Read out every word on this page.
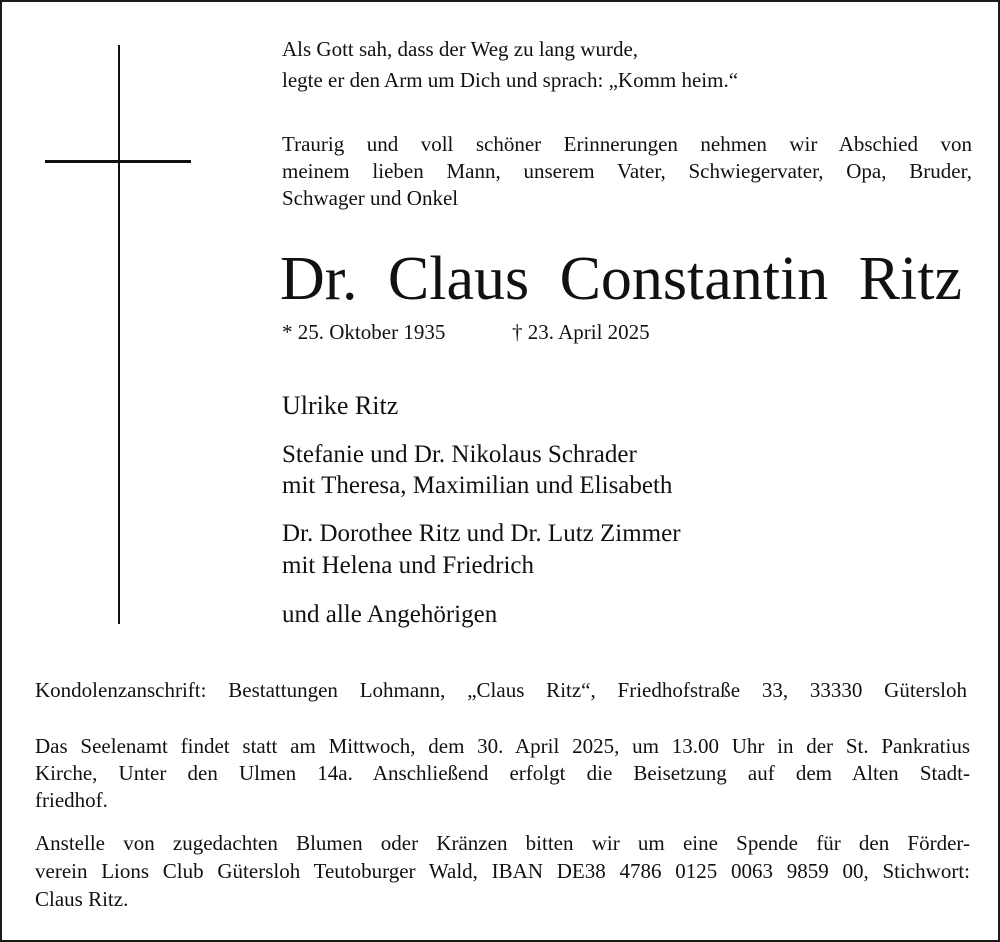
Als Gott sah, dass der Weg zu lang wurde,
legte er den Arm um Dich und sprach: „Komm heim.“
Traurig und voll schöner Erinnerungen nehmen wir Abschied von
meinem lieben Mann, unserem Vater, Schwiegervater, Opa, Bruder,
Schwager und Onkel
Dr. Claus Constantin Ritz
* 25. Oktober 1935	† 23. April 2025
Ulrike Ritz
Stefanie und Dr. Nikolaus Schrader
mit Theresa, Maximilian und Elisabeth
Dr. Dorothee Ritz und Dr. Lutz Zimmer
mit Helena und Friedrich
und alle Angehörigen
Kondolenzanschrift: Bestattungen Lohmann, „Claus Ritz“, Friedhofstraße 33, 33330 Gütersloh
Das Seelenamt findet statt am Mittwoch, dem 30. April 2025, um 13.00 Uhr in der St. Pankratius
Kirche, Unter den Ulmen 14a. Anschließend erfolgt die Beisetzung auf dem Alten Stadt-
friedhof.
Anstelle von zugedachten Blumen oder Kränzen bitten wir um eine Spende für den Förder-
verein Lions Club Gütersloh Teutoburger Wald, IBAN DE38 4786 0125 0063 9859 00, Stichwort:
Claus Ritz.
